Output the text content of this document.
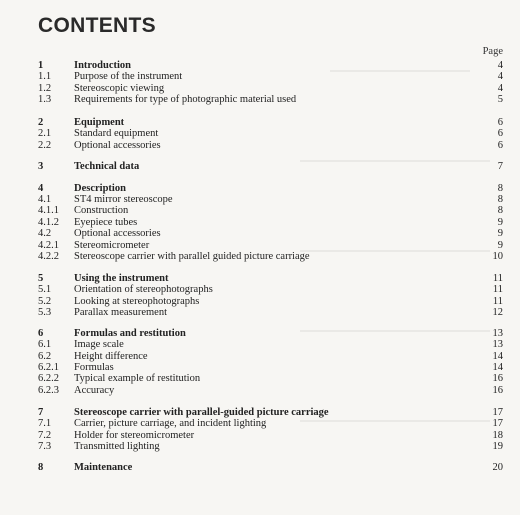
CONTENTS
Page
1	Introduction	4
1.1	Purpose of the instrument	4
1.2	Stereoscopic viewing	4
1.3	Requirements for type of photographic material used	5
2	Equipment	6
2.1	Standard equipment	6
2.2	Optional accessories	6
3	Technical data	7
4	Description	8
4.1	ST4 mirror stereoscope	8
4.1.1	Construction	8
4.1.2	Eyepiece tubes	9
4.2	Optional accessories	9
4.2.1	Stereomicrometer	9
4.2.2	Stereoscope carrier with parallel guided picture carriage	10
5	Using the instrument	11
5.1	Orientation of stereophotographs	11
5.2	Looking at stereophotographs	11
5.3	Parallax measurement	12
6	Formulas and restitution	13
6.1	Image scale	13
6.2	Height difference	14
6.2.1	Formulas	14
6.2.2	Typical example of restitution	16
6.2.3	Accuracy	16
7	Stereoscope carrier with parallel-guided picture carriage	17
7.1	Carrier, picture carriage, and incident lighting	17
7.2	Holder for stereomicrometer	18
7.3	Transmitted lighting	19
8	Maintenance	20
